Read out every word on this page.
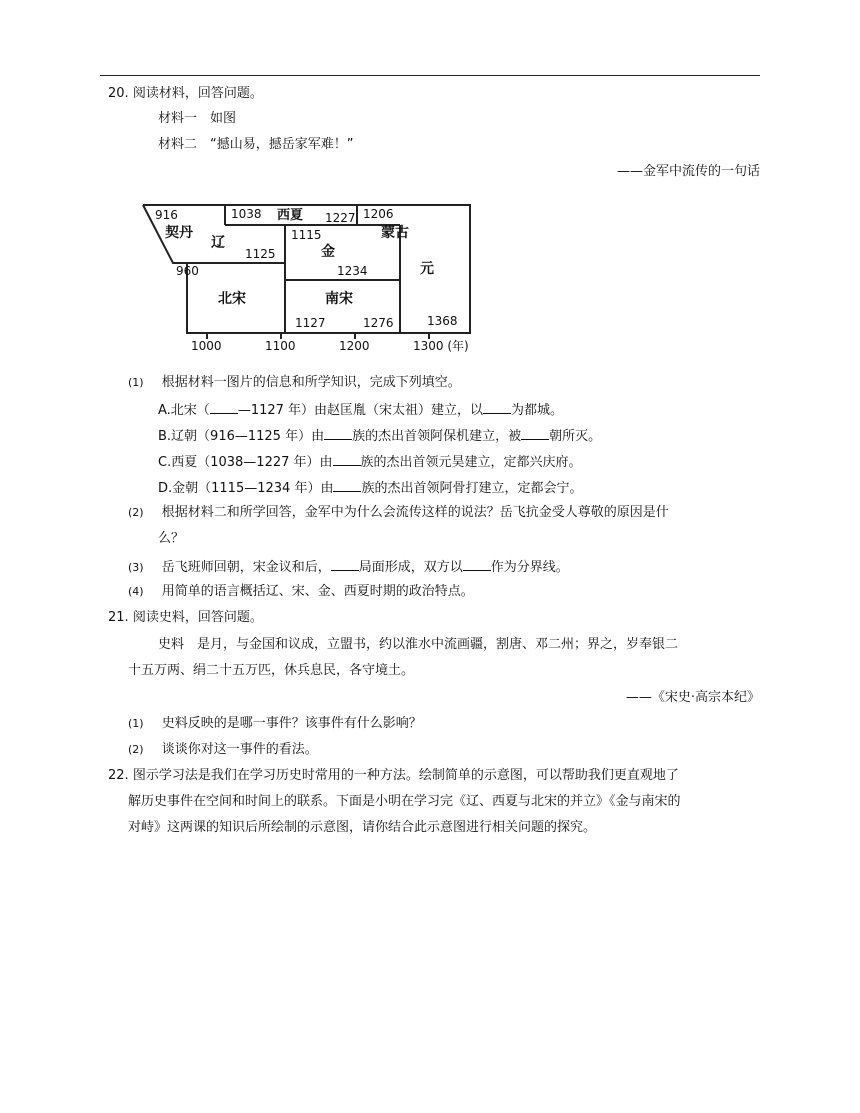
20. 阅读材料，回答问题。
材料一　如图
材料二　“撼山易，撼岳家军难！”
——金军中流传的一句话
916
契丹
1038 西夏 1227 1206
蒙古
辽	1115
金
1125
1234	元
960
北宋	南宋
1127	1276	1368
1000	1100	1200	1300 (年)
(1) 根据材料一图片的信息和所学知识，完成下列填空。
A.北宋（ —1127 年）由赵匡胤（宋太祖）建立，以 为都城。
B.辽朝（916—1125 年）由 族的杰出首领阿保机建立，被 朝所灭。
C.西夏（1038—1227 年）由 族的杰出首领元昊建立，定都兴庆府。
D.金朝（1115—1234 年）由 族的杰出首领阿骨打建立，定都会宁。
(2) 根据材料二和所学回答，金军中为什么会流传这样的说法？岳飞抗金受人尊敬的原因是什
么？
(3) 岳飞班师回朝，宋金议和后， 局面形成，双方以 作为分界线。
(4) 用简单的语言概括辽、宋、金、西夏时期的政治特点。
21. 阅读史料，回答问题。
史料　是月，与金国和议成，立盟书，约以淮水中流画疆，割唐、邓二州；界之，岁奉银二
十五万两、绢二十五万匹，休兵息民，各守境土。
——《宋史·高宗本纪》
(1) 史料反映的是哪一事件？该事件有什么影响？
(2) 谈谈你对这一事件的看法。
22. 图示学习法是我们在学习历史时常用的一种方法。绘制简单的示意图，可以帮助我们更直观地了
解历史事件在空间和时间上的联系。下面是小明在学习完《辽、西夏与北宋的并立》《金与南宋的
对峙》这两课的知识后所绘制的示意图，请你结合此示意图进行相关问题的探究。
